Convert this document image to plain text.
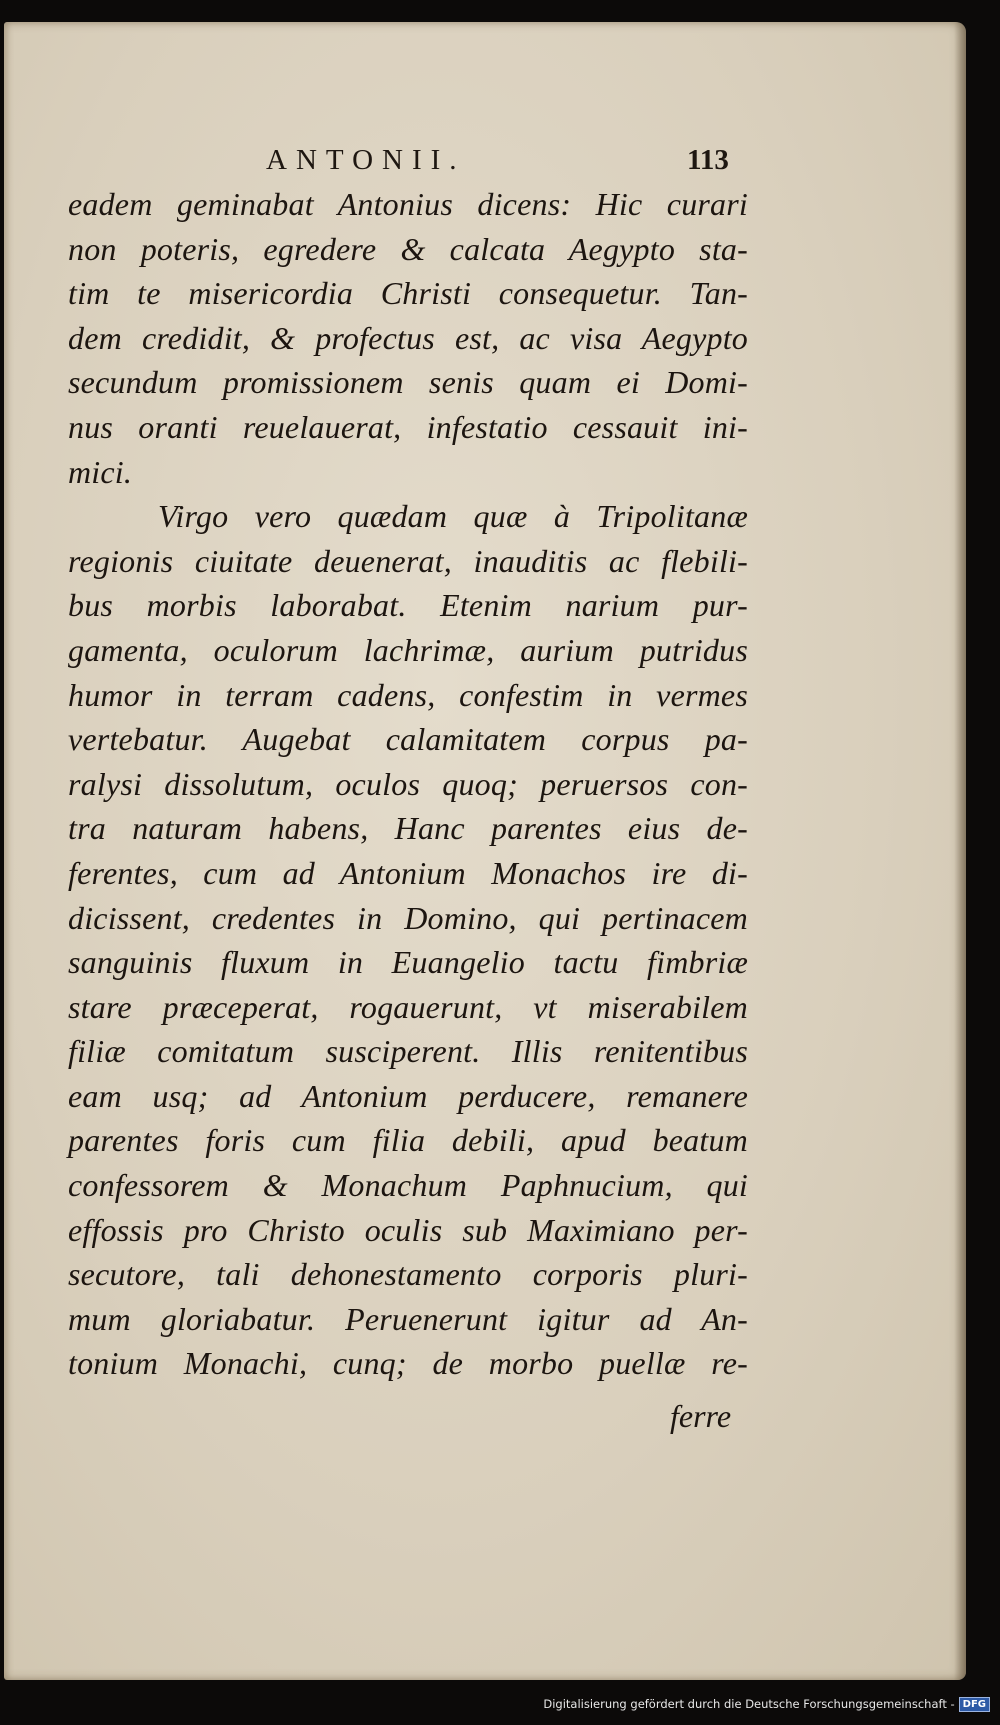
ANTONII.	113
eadem geminabat Antonius dicens: Hic curari
non poteris, egredere & calcata Aegypto sta-
tim te misericordia Christi consequetur. Tan-
dem credidit, & profectus est, ac visa Aegypto
secundum promissionem senis quam ei Domi-
nus oranti reuelauerat, infestatio cessauit ini-
mici.
Virgo vero quædam quæ à Tripolitanæ
regionis ciuitate deuenerat, inauditis ac flebili-
bus morbis laborabat. Etenim narium pur-
gamenta, oculorum lachrimæ, aurium putridus
humor in terram cadens, confestim in vermes
vertebatur. Augebat calamitatem corpus pa-
ralysi dissolutum, oculos quoq; peruersos con-
tra naturam habens, Hanc parentes eius de-
ferentes, cum ad Antonium Monachos ire di-
dicissent, credentes in Domino, qui pertinacem
sanguinis fluxum in Euangelio tactu fimbriæ
stare præceperat, rogauerunt, vt miserabilem
filiæ comitatum susciperent. Illis renitentibus
eam usq; ad Antonium perducere, remanere
parentes foris cum filia debili, apud beatum
confessorem & Monachum Paphnucium, qui
effossis pro Christo oculis sub Maximiano per-
secutore, tali dehonestamento corporis pluri-
mum gloriabatur. Peruenerunt igitur ad An-
tonium Monachi, cunq; de morbo puellæ re-
ferre
Digitalisierung gefördert durch die Deutsche Forschungsgemeinschaft - DFG
